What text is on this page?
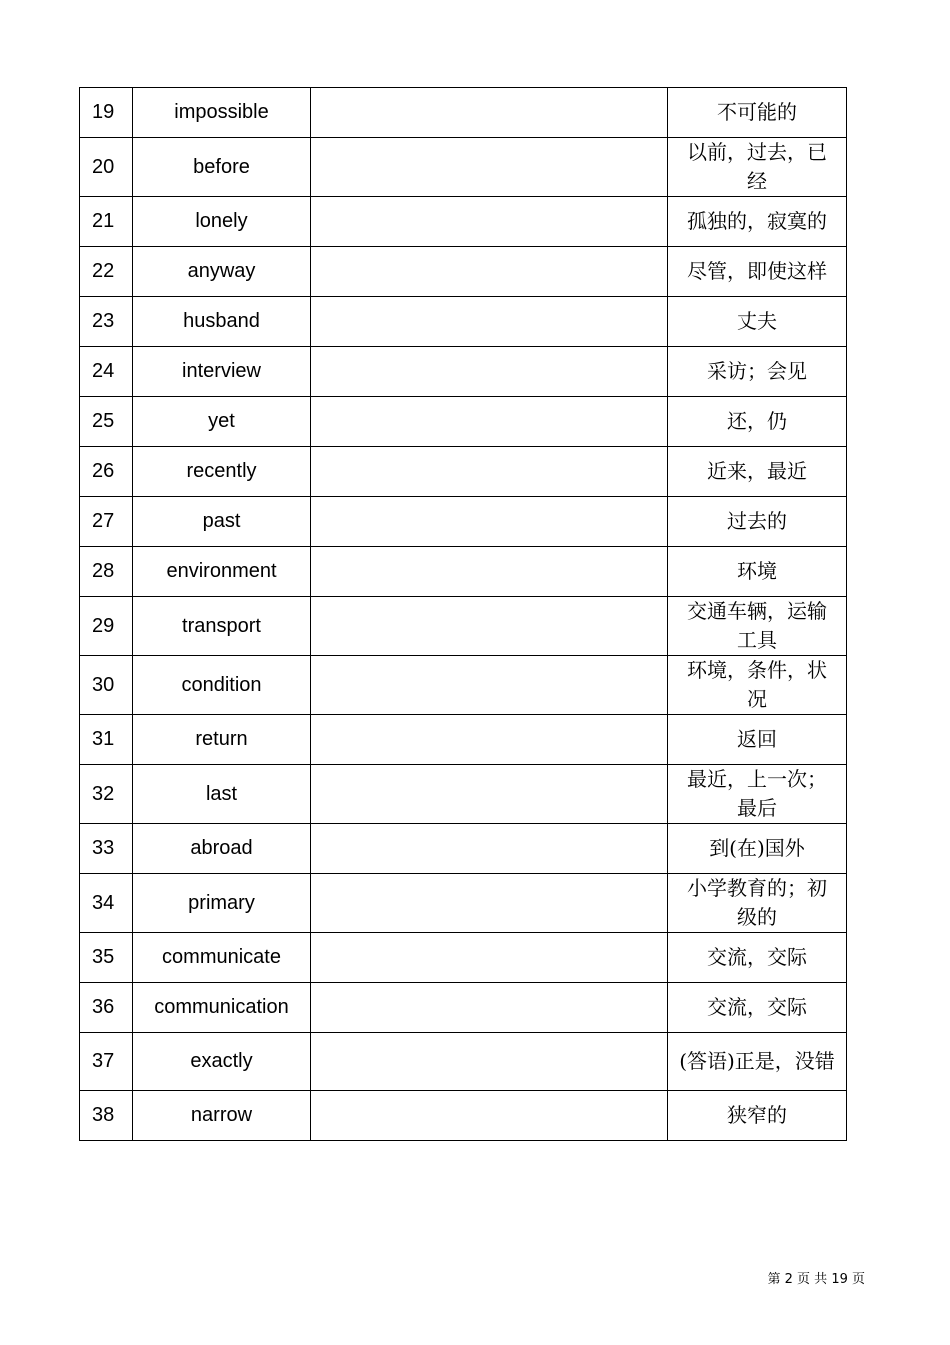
19	impossible		不可能的
20	before		以前，过去，已经
21	lonely		孤独的，寂寞的
22	anyway		尽管，即使这样
23	husband		丈夫
24	interview		采访；会见
25	yet		还，仍
26	recently		近来，最近
27	past		过去的
28	environment		环境
29	transport		交通车辆，运输工具
30	condition		环境，条件，状况
31	return		返回
32	last		最近，上一次；最后
33	abroad		到(在)国外
34	primary		小学教育的；初级的
35	communicate		交流，交际
36	communication		交流，交际
37	exactly		(答语)正是，没错
38	narrow		狭窄的
第 2 页 共 19 页
